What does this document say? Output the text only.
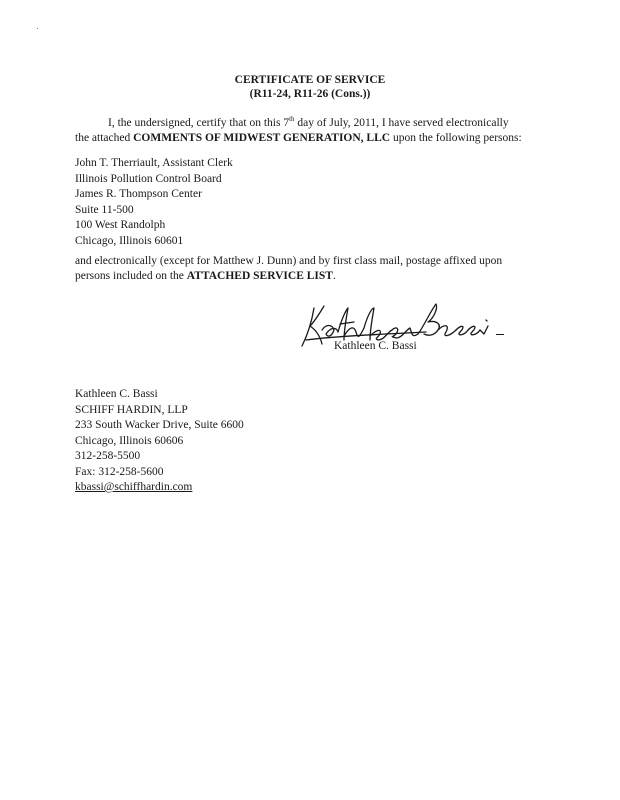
CERTIFICATE OF SERVICE
(R11-24, R11-26 (Cons.))
I, the undersigned, certify that on this 7th day of July, 2011, I have served electronically
the attached COMMENTS OF MIDWEST GENERATION, LLC upon the following persons:
John T. Therriault, Assistant Clerk
Illinois Pollution Control Board
James R. Thompson Center
Suite 11-500
100 West Randolph
Chicago, Illinois 60601
and electronically (except for Matthew J. Dunn) and by first class mail, postage affixed upon
persons included on the ATTACHED SERVICE LIST.
Kathleen C. Bassi
Kathleen C. Bassi
SCHIFF HARDIN, LLP
233 South Wacker Drive, Suite 6600
Chicago, Illinois 60606
312-258-5500
Fax: 312-258-5600
kbassi@schiffhardin.com
